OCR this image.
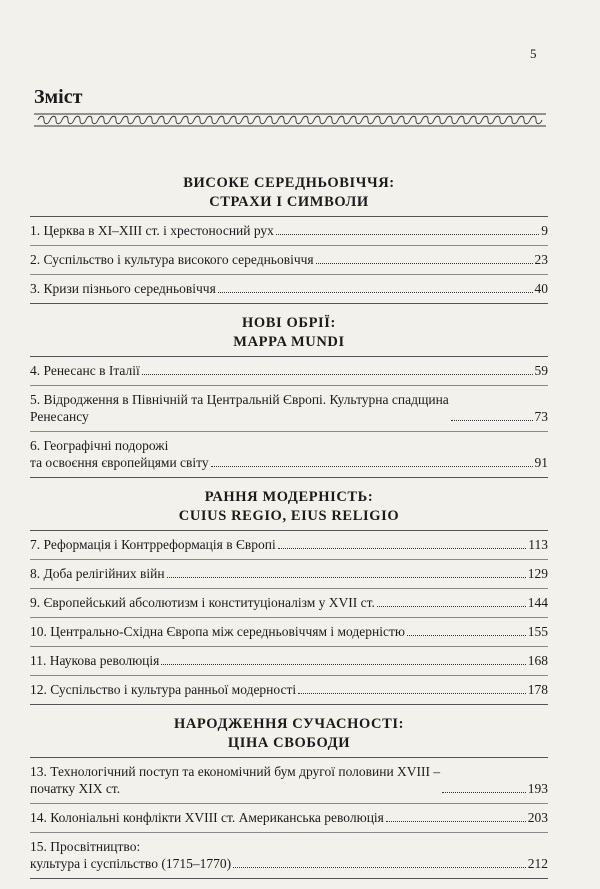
5
Зміст
ВИСОКЕ СЕРЕДНЬОВІЧЧЯ:
СТРАХИ І СИМВОЛИ
1. Церква в XI–XIII ст. і хрестоносний рух	9
2. Суспільство і культура високого середньовіччя	23
3. Кризи пізнього середньовіччя	40
НОВІ ОБРІЇ:
MAPPA MUNDI
4. Ренесанс в Італії	59
5. Відродження в Північній та Центральній Європі. Культурна спадщина
Ренесансу	73
6. Географічні подорожі
та освоєння європейцями світу	91
РАННЯ МОДЕРНІСТЬ:
CUIUS REGIO, EIUS RELIGIO
7. Реформація і Контрреформація в Європі	113
8. Доба релігійних війн	129
9. Європейський абсолютизм і конституціоналізм у XVII ст.	144
10. Центрально-Східна Європа між середньовіччям і модерністю	155
11. Наукова революція	168
12. Суспільство і культура ранньої модерності	178
НАРОДЖЕННЯ СУЧАСНОСТІ:
ЦІНА СВОБОДИ
13. Технологічний поступ та економічний бум другої половини XVIII –
початку XIX ст.	193
14. Колоніальні конфлікти XVIII ст. Американська революція	203
15. Просвітництво:
культура і суспільство (1715–1770)	212
